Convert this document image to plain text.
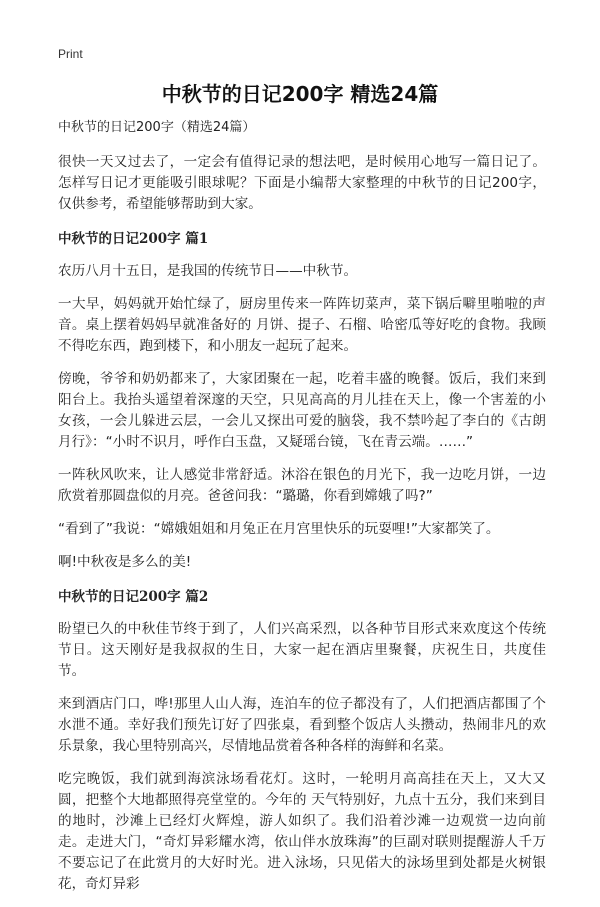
Print
中秋节的日记200字 精选24篇

中秋节的日记200字（精选24篇）

很快一天又过去了，一定会有值得记录的想法吧，是时候用心地写一篇日记了。怎样写日记才更能吸引眼球呢？下面是小编帮大家整理的中秋节的日记200字，仅供参考，希望能够帮助到大家。

中秋节的日记200字 篇1

农历八月十五日，是我国的传统节日——中秋节。

一大早，妈妈就开始忙绿了，厨房里传来一阵阵切菜声，菜下锅后噼里啪啦的声音。桌上摆着妈妈早就准备好的 月饼、提子、石榴、哈密瓜等好吃的食物。我顾不得吃东西，跑到楼下，和小朋友一起玩了起来。

傍晚，爷爷和奶奶都来了，大家团聚在一起，吃着丰盛的晚餐。饭后，我们来到阳台上。我抬头遥望着深邃的天空，只见高高的月儿挂在天上，像一个害羞的小女孩，一会儿躲进云层，一会儿又探出可爱的脑袋，我不禁吟起了李白的《古朗月行》：“小时不识月，呼作白玉盘，又疑瑶台镜，飞在青云端。……”

一阵秋风吹来，让人感觉非常舒适。沐浴在银色的月光下，我一边吃月饼，一边欣赏着那圆盘似的月亮。爸爸问我：“璐璐，你看到嫦娥了吗?”

“看到了”我说：“嫦娥姐姐和月兔正在月宫里快乐的玩耍哩!”大家都笑了。

啊!中秋夜是多么的美!

中秋节的日记200字 篇2

盼望已久的中秋佳节终于到了，人们兴高采烈，以各种节目形式来欢度这个传统节日。这天刚好是我叔叔的生日，大家一起在酒店里聚餐，庆祝生日，共度佳节。

来到酒店门口，哗!那里人山人海，连泊车的位子都没有了，人们把酒店都围了个水泄不通。幸好我们预先订好了四张桌，看到整个饭店人头攒动，热闹非凡的欢乐景象，我心里特别高兴，尽情地品赏着各种各样的海鲜和名菜。

吃完晚饭，我们就到海滨泳场看花灯。这时，一轮明月高高挂在天上，又大又圆，把整个大地都照得亮堂堂的。今年的 天气特别好，九点十五分，我们来到目的地时，沙滩上已经灯火辉煌，游人如织了。我们沿着沙滩一边观赏一边向前走。走进大门，“奇灯异彩耀水湾，依山伴水放珠海”的巨副对联则提醒游人千万不要忘记了在此赏月的大好时光。进入泳场，只见偌大的泳场里到处都是火树银花，奇灯异彩
